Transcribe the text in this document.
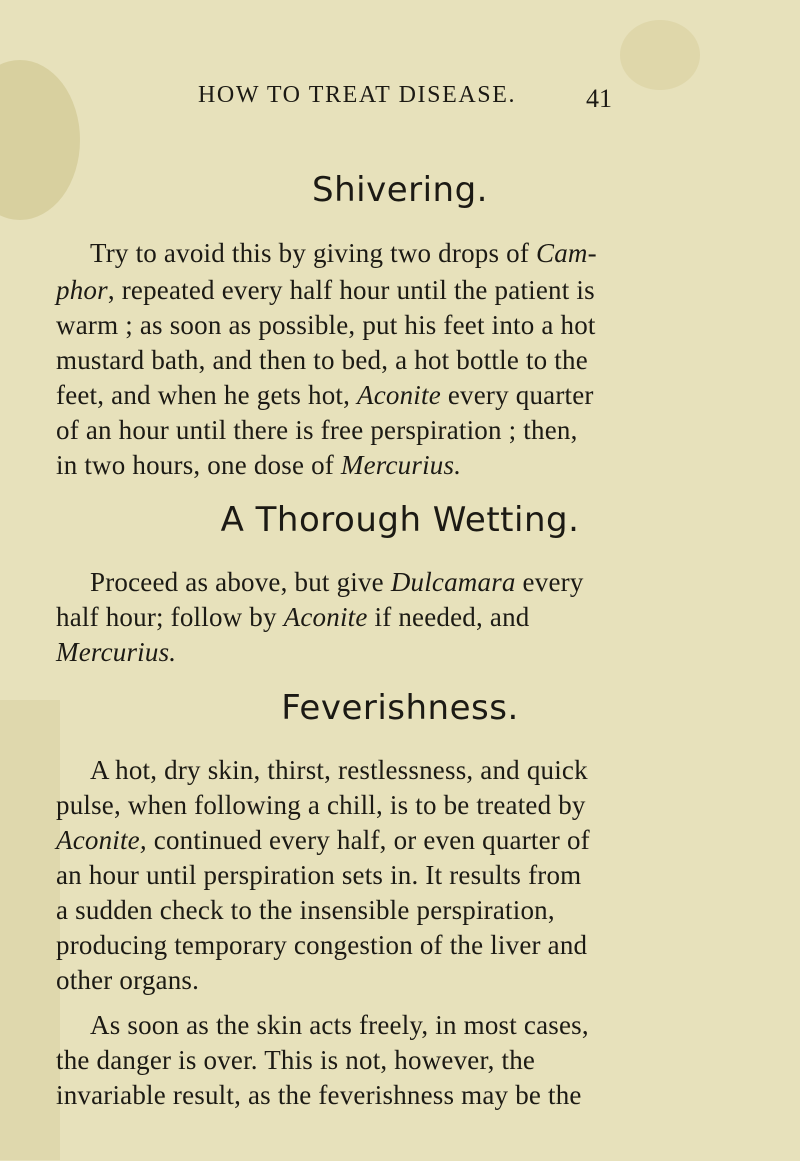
HOW TO TREAT DISEASE.	41
Shivering.
Try to avoid this by giving two drops of Cam-
phor, repeated every half hour until the patient is
warm ; as soon as possible, put his feet into a hot
mustard bath, and then to bed, a hot bottle to the
feet, and when he gets hot, Aconite every quarter
of an hour until there is free perspiration ; then,
in two hours, one dose of Mercurius.
A Thorough Wetting.
Proceed as above, but give Dulcamara every
half hour; follow by Aconite if needed, and
Mercurius.
Feverishness.
A hot, dry skin, thirst, restlessness, and quick
pulse, when following a chill, is to be treated by
Aconite, continued every half, or even quarter of
an hour until perspiration sets in. It results from
a sudden check to the insensible perspiration,
producing temporary congestion of the liver and
other organs.
As soon as the skin acts freely, in most cases,
the danger is over. This is not, however, the
invariable result, as the feverishness may be the
